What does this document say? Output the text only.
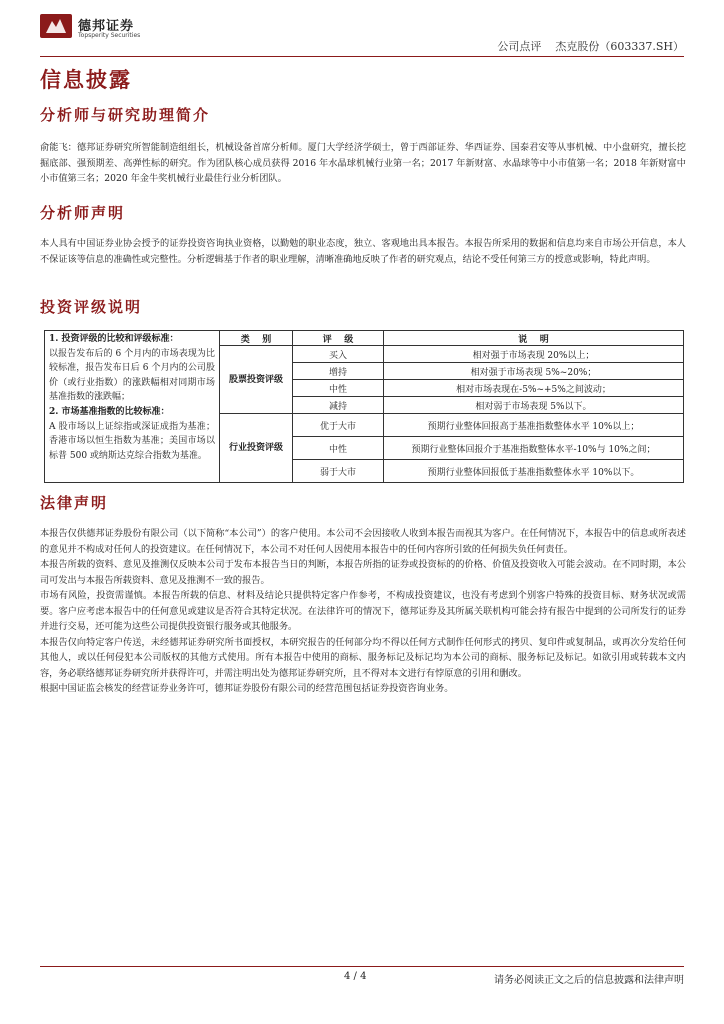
德邦证券
Topsperity Securities
公司点评    杰克股份（603337.SH）
信息披露
分析师与研究助理简介
俞能飞：德邦证券研究所智能制造组组长，机械设备首席分析师。厦门大学经济学硕士，曾于西部证券、华西证券、国泰君安等从事机械、中小盘研究，擅长挖掘底部、强预期差、高弹性标的研究。作为团队核心成员获得 2016 年水晶球机械行业第一名；2017 年新财富、水晶球等中小市值第一名；2018 年新财富中小市值第三名；2020 年金牛奖机械行业最佳行业分析团队。
分析师声明
本人具有中国证券业协会授予的证券投资咨询执业资格，以勤勉的职业态度，独立、客观地出具本报告。本报告所采用的数据和信息均来自市场公开信息，本人不保证该等信息的准确性或完整性。分析逻辑基于作者的职业理解，清晰准确地反映了作者的研究观点，结论不受任何第三方的授意或影响，特此声明。
投资评级说明
1. 投资评级的比较和评级标准：
以报告发布后的 6 个月内的市场表现为比较标准，报告发布日后 6 个月内的公司股价（或行业指数）的涨跌幅相对同期市场基准指数的涨跌幅；
2. 市场基准指数的比较标准：
A 股市场以上证综指或深证成指为基准；香港市场以恒生指数为基准；美国市场以标普 500 或纳斯达克综合指数为基准。	类    别	评    级	说    明
	股票投资评级	买入	相对强于市场表现 20%以上；
		增持	相对强于市场表现 5%~20%；
		中性	相对市场表现在-5%~+5%之间波动；
		减持	相对弱于市场表现 5%以下。
	行业投资评级	优于大市	预期行业整体回报高于基准指数整体水平 10%以上；
		中性	预期行业整体回报介于基准指数整体水平-10%与 10%之间；
		弱于大市	预期行业整体回报低于基准指数整体水平 10%以下。
法律声明
本报告仅供德邦证券股份有限公司（以下简称“本公司”）的客户使用。本公司不会因接收人收到本报告而视其为客户。在任何情况下，本报告中的信息或所表述的意见并不构成对任何人的投资建议。在任何情况下，本公司不对任何人因使用本报告中的任何内容所引致的任何损失负任何责任。
本报告所载的资料、意见及推测仅反映本公司于发布本报告当日的判断，本报告所指的证券或投资标的的价格、价值及投资收入可能会波动。在不同时期，本公司可发出与本报告所载资料、意见及推测不一致的报告。
市场有风险，投资需谨慎。本报告所载的信息、材料及结论只提供特定客户作参考，不构成投资建议，也没有考虑到个别客户特殊的投资目标、财务状况或需要。客户应考虑本报告中的任何意见或建议是否符合其特定状况。在法律许可的情况下，德邦证券及其所属关联机构可能会持有报告中提到的公司所发行的证券并进行交易，还可能为这些公司提供投资银行服务或其他服务。
本报告仅向特定客户传送，未经德邦证券研究所书面授权，本研究报告的任何部分均不得以任何方式制作任何形式的拷贝、复印件或复制品，或再次分发给任何其他人，或以任何侵犯本公司版权的其他方式使用。所有本报告中使用的商标、服务标记及标记均为本公司的商标、服务标记及标记。如欲引用或转载本文内容，务必联络德邦证券研究所并获得许可，并需注明出处为德邦证券研究所，且不得对本文进行有悖原意的引用和删改。
根据中国证监会核发的经营证券业务许可，德邦证券股份有限公司的经营范围包括证券投资咨询业务。
4 / 4	请务必阅读正文之后的信息披露和法律声明
